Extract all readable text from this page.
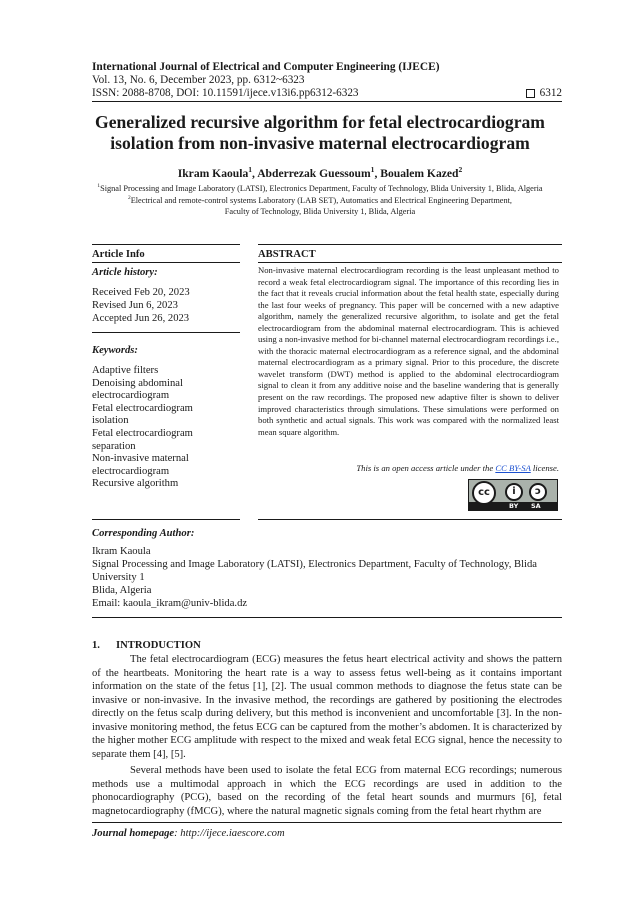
International Journal of Electrical and Computer Engineering (IJECE)
Vol. 13, No. 6, December 2023, pp. 6312~6323
ISSN: 2088-8708, DOI: 10.11591/ijece.v13i6.pp6312-6323	6312
Generalized recursive algorithm for fetal electrocardiogram
isolation from non-invasive maternal electrocardiogram
Ikram Kaoula$^1$, Abderrezak Guessoum$^1$, Boualem Kazed$^2$
$^1$Signal Processing and Image Laboratory (LATSI), Electronics Department, Faculty of Technology, Blida University 1, Blida, Algeria
$^2$Electrical and remote-control systems Laboratory (LAB SET), Automatics and Electrical Engineering Department,
Faculty of Technology, Blida University 1, Blida, Algeria
Article Info
Article history:
Received Feb 20, 2023
Revised Jun 6, 2023
Accepted Jun 26, 2023
Keywords:
Adaptive filters
Denoising abdominal
electrocardiogram
Fetal electrocardiogram
isolation
Fetal electrocardiogram
separation
Non-invasive maternal
electrocardiogram
Recursive algorithm
ABSTRACT
Non-invasive maternal electrocardiogram recording is the least unpleasant method to record a weak fetal electrocardiogram signal. The importance of this recording lies in the fact that it reveals crucial information about the fetal health state, especially during the last four weeks of pregnancy. This paper will be concerned with a new adaptive algorithm, namely the generalized recursive algorithm, to isolate and get the fetal electrocardiogram from the abdominal maternal electrocardiogram. This is achieved using a non-invasive method for bi-channel maternal electrocardiogram recordings i.e., with the thoracic maternal electrocardiogram as a reference signal, and the abdominal maternal electrocardiogram as a primary signal. Prior to this procedure, the discrete wavelet transform (DWT) method is applied to the abdominal electrocardiogram signal to clean it from any additive noise and the baseline wandering that is generally present on the raw recordings. The proposed new adaptive filter is shown to deliver improved characteristics through simulations. These simulations were performed on both synthetic and actual signals. This work was compared with the normalized least mean square algorithm.
This is an open access article under the CC BY-SA license.
cc	i	ↄ
BY SA
Corresponding Author:
Ikram Kaoula
Signal Processing and Image Laboratory (LATSI), Electronics Department, Faculty of Technology, Blida
University 1
Blida, Algeria
Email: kaoula_ikram@univ-blida.dz
1. INTRODUCTION
The fetal electrocardiogram (ECG) measures the fetus heart electrical activity and shows the pattern of the heartbeats. Monitoring the heart rate is a way to assess fetus well-being as it contains important information on the state of the fetus [1], [2]. The usual common methods to diagnose the fetus state can be invasive or non-invasive. In the invasive method, the recordings are gathered by positioning the electrodes directly on the fetus scalp during delivery, but this method is inconvenient and uncomfortable [3]. In the non-invasive monitoring method, the fetus ECG can be captured from the mother’s abdomen. It is characterized by the higher mother ECG amplitude with respect to the mixed and weak fetal ECG signal, hence the necessity to separate them [4], [5].
Several methods have been used to isolate the fetal ECG from maternal ECG recordings; numerous methods use a multimodal approach in which the ECG recordings are used in addition to the phonocardiography (PCG), based on the recording of the fetal heart sounds and murmurs [6], fetal magnetocardiography (fMCG), where the natural magnetic signals coming from the fetal heart rhythm are
Journal homepage: http://ijece.iaescore.com
